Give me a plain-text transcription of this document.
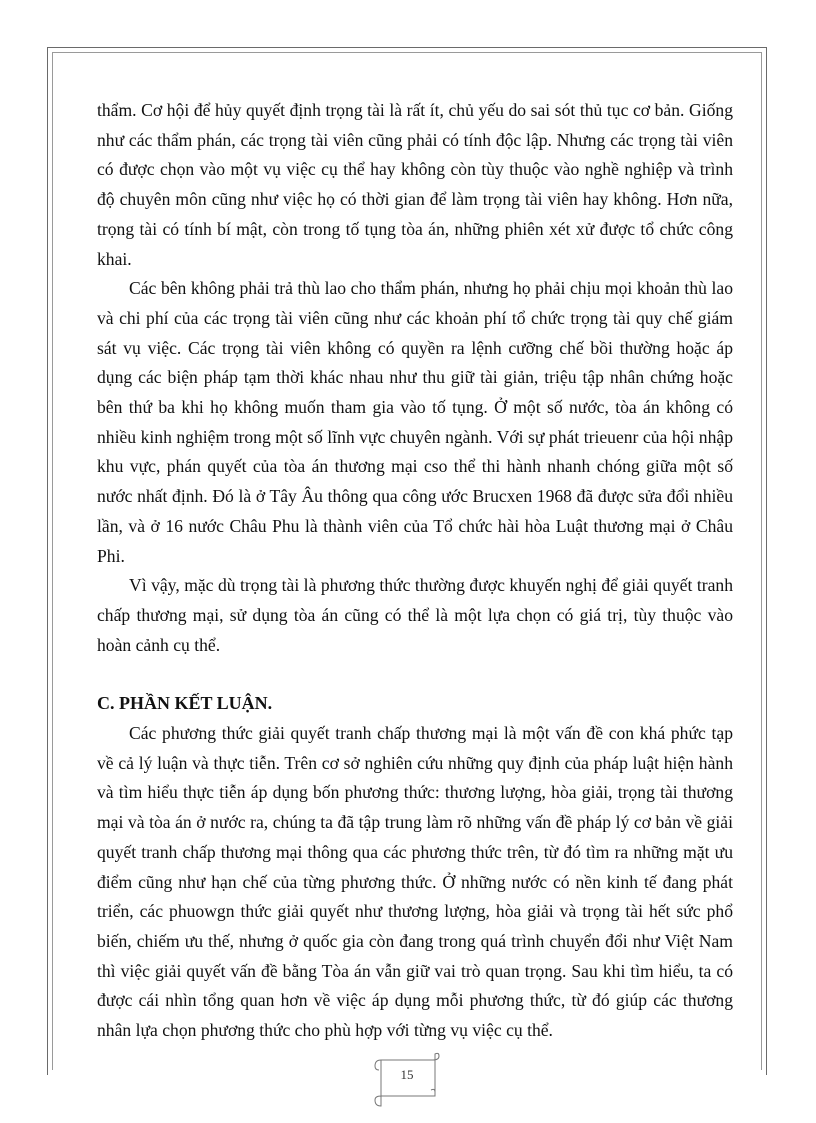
thẩm. Cơ hội để hủy quyết định trọng tài là rất ít, chủ yếu do sai sót thủ tục cơ bản. Giống như các thẩm phán, các trọng tài viên cũng phải có tính độc lập. Nhưng các trọng tài viên có được chọn vào một vụ việc cụ thể hay không còn tùy thuộc vào nghề nghiệp và trình độ chuyên môn cũng như việc họ có thời gian để làm trọng tài viên hay không. Hơn nữa, trọng tài có tính bí mật, còn trong tố tụng tòa án, những phiên xét xử được tổ chức công khai.

Các bên không phải trả thù lao cho thẩm phán, nhưng họ phải chịu mọi khoản thù lao và chi phí của các trọng tài viên cũng như các khoản phí tổ chức trọng tài quy chế giám sát vụ việc. Các trọng tài viên không có quyền ra lệnh cưỡng chế bồi thường hoặc áp dụng các biện pháp tạm thời khác nhau như thu giữ tài giản, triệu tập nhân chứng hoặc bên thứ ba khi họ không muốn tham gia vào tố tụng. Ở một số nước, tòa án không có nhiều kinh nghiệm trong một số lĩnh vực chuyên ngành. Với sự phát trieuenr của hội nhập khu vực, phán quyết của tòa án thương mại cso thể thi hành nhanh chóng giữa một số nước nhất định. Đó là ở Tây Âu thông qua công ước Brucxen 1968 đã được sửa đổi nhiều lần, và ở 16 nước Châu Phu là thành viên của Tổ chức hài hòa Luật thương mại ở Châu Phi.

Vì vậy, mặc dù trọng tài là phương thức thường được khuyến nghị để giải quyết tranh chấp thương mại, sử dụng tòa án cũng có thể là một lựa chọn có giá trị, tùy thuộc vào hoàn cảnh cụ thể.

C. PHẦN KẾT LUẬN.

Các phương thức giải quyết tranh chấp thương mại là một vấn đề con khá phức tạp về cả lý luận và thực tiễn. Trên cơ sở nghiên cứu những quy định của pháp luật hiện hành và tìm hiểu thực tiễn áp dụng bốn phương thức: thương lượng, hòa giải, trọng tài thương mại và tòa án ở nước ra, chúng ta đã tập trung làm rõ những vấn đề pháp lý cơ bản về giải quyết tranh chấp thương mại thông qua các phương thức trên, từ đó tìm ra những mặt ưu điểm cũng như hạn chế của từng phương thức. Ở những nước có nền kinh tế đang phát triển, các phuowgn thức giải quyết như thương lượng, hòa giải và trọng tài hết sức phổ biến, chiếm ưu thế, nhưng ở quốc gia còn đang trong quá trình chuyển đổi như Việt Nam thì việc giải quyết vấn đề bằng Tòa án vẫn giữ vai trò quan trọng. Sau khi tìm hiểu, ta có được cái nhìn tổng quan hơn về việc áp dụng mỗi phương thức, từ đó giúp các thương nhân lựa chọn phương thức cho phù hợp với từng vụ việc cụ thể.

15
